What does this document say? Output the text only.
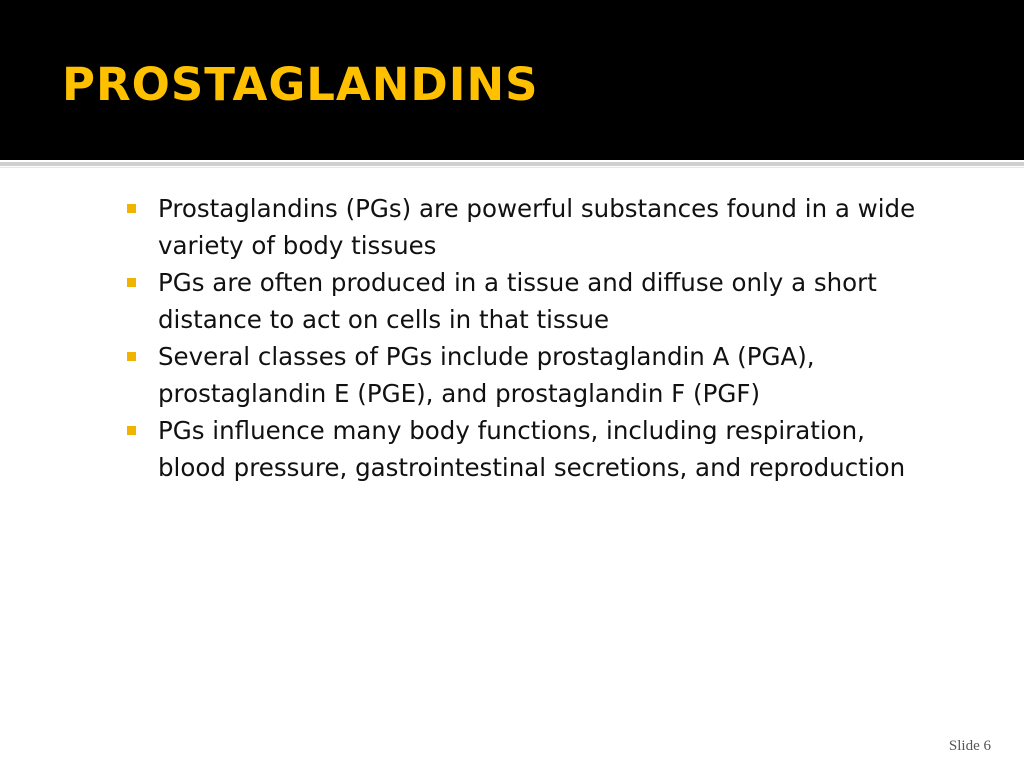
PROSTAGLANDINS
Prostaglandins (PGs) are powerful substances found in a wide variety of body tissues
PGs are often produced in a tissue and diffuse only a short distance to act on cells in that tissue
Several classes of PGs include prostaglandin A (PGA), prostaglandin E (PGE), and prostaglandin F (PGF)
PGs influence many body functions, including respiration, blood pressure, gastrointestinal secretions, and reproduction
Slide 6
